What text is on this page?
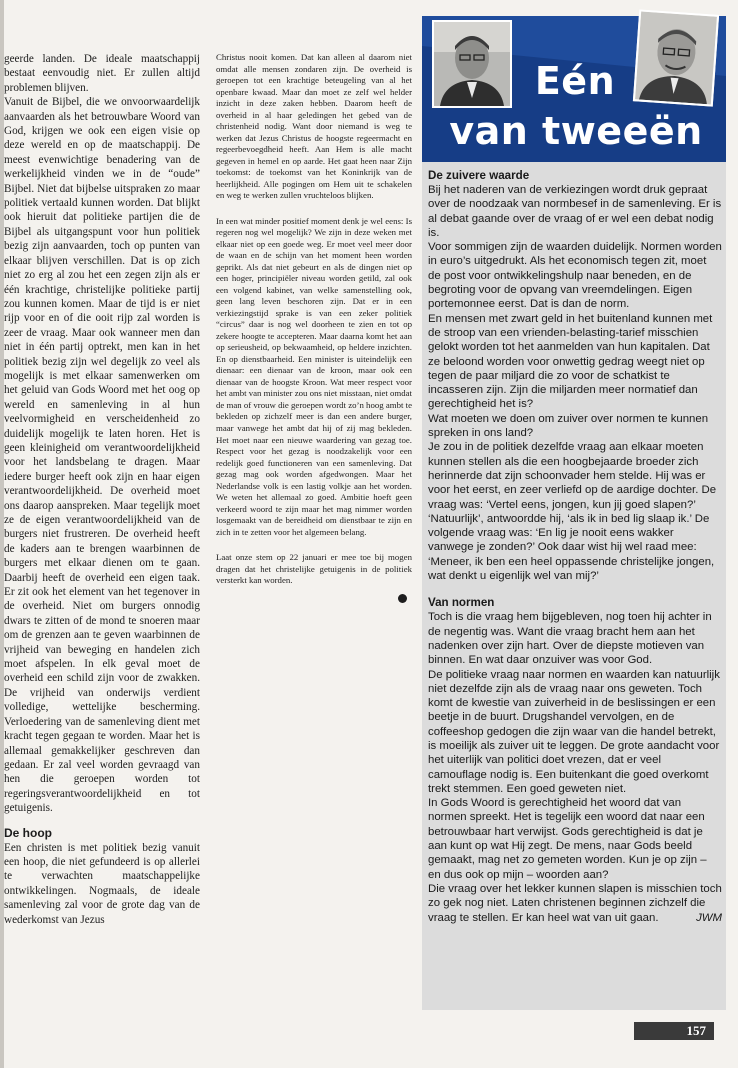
geerde landen. De ideale maatschappij bestaat eenvoudig niet. Er zullen altijd problemen blijven.

Vanuit de Bijbel, die we onvoorwaardelijk aanvaarden als het betrouwbare Woord van God, krijgen we ook een eigen visie op deze wereld en op de maatschappij. De meest evenwichtige benadering van de werkelijkheid vinden we in de “oude” Bijbel. Niet dat bijbelse uitspraken zo maar politiek vertaald kunnen worden. Dat blijkt ook hieruit dat politieke partijen die de Bijbel als uitgangspunt voor hun politiek bezig zijn aanvaarden, toch op punten van elkaar blijven verschillen. Dat is op zich niet zo erg al zou het een zegen zijn als er één krachtige, christelijke politieke partij zou kunnen komen. Maar de tijd is er niet rijp voor en of die ooit rijp zal worden is zeer de vraag. Maar ook wanneer men dan niet in één partij optrekt, men kan in het politiek bezig zijn wel degelijk zo veel als mogelijk is met elkaar samenwerken om het geluid van Gods Woord met het oog op wereld en samenleving in al hun veelvormigheid en verscheidenheid zo duidelijk mogelijk te laten horen. Het is geen kleinigheid om verantwoordelijkheid voor het landsbelang te dragen. Maar iedere burger heeft ook zijn en haar eigen verantwoordelijkheid. De overheid moet ons daarop aanspreken. Maar tegelijk moet ze de eigen verantwoordelijkheid van de burgers niet frustreren. De overheid heeft de kaders aan te brengen waarbinnen de burgers met elkaar dienen om te gaan. Daarbij heeft de overheid een eigen taak. Er zit ook het element van het tegenover in de overheid. Niet om burgers onnodig dwars te zitten of de mond te snoeren maar om de grenzen aan te geven waarbinnen de vrijheid van beweging en handelen zich moet afspelen. In elk geval moet de overheid een schild zijn voor de zwakken. De vrijheid van onderwijs verdient volledige, wettelijke bescherming. Verloedering van de samenleving dient met kracht tegen gegaan te worden. Maar het is allemaal gemakkelijker geschreven dan gedaan. Er zal veel worden gevraagd van hen die geroepen worden tot regeringsverantwoordelijkheid en tot getuigenis.

De hoop

Een christen is met politiek bezig vanuit een hoop, die niet gefundeerd is op allerlei te verwachten maatschappelijke ontwikkelingen. Nogmaals, de ideale samenleving zal voor de grote dag van de wederkomst van Jezus

Christus nooit komen. Dat kan alleen al daarom niet omdat alle mensen zondaren zijn. De overheid is geroepen tot een krachtige beteugeling van al het openbare kwaad. Maar dan moet ze zelf wel helder inzicht in deze zaken hebben. Daarom heeft de overheid in al haar geledingen het gebed van de christenheid nodig. Want door niemand is weg te werken dat Jezus Christus de hoogste regeermacht en regeerbevoegdheid heeft. Aan Hem is alle macht gegeven in hemel en op aarde. Het gaat heen naar Zijn toekomst: de toekomst van het Koninkrijk van de heerlijkheid. Alle pogingen om Hem uit te schakelen en weg te werken zullen vruchteloos blijken.

In een wat minder positief moment denk je wel eens: Is regeren nog wel mogelijk? We zijn in deze weken met elkaar niet op een goede weg. Er moet veel meer door de waan en de schijn van het moment heen worden geprikt. Als dat niet gebeurt en als de dingen niet op een hoger, principiëler niveau worden getild, zal ook een volgend kabinet, van welke samenstelling ook, geen lang leven beschoren zijn. Dat er in een verkiezingstijd sprake is van een zeker politiek “circus” daar is nog wel doorheen te zien en tot op zekere hoogte te accepteren. Maar daarna komt het aan op serieusheid, op bekwaamheid, op heldere inzichten. En op dienstbaarheid. Een minister is uiteindelijk een dienaar: een dienaar van de kroon, maar ook een dienaar van de hoogste Kroon. Wat meer respect voor het ambt van minister zou ons niet misstaan, niet omdat de man of vrouw die geroepen wordt zo’n hoog ambt te bekleden op zichzelf meer is dan een andere burger, maar vanwege het ambt dat hij of zij mag bekleden. Het moet naar een nieuwe waardering van gezag toe. Respect voor het gezag is noodzakelijk voor een redelijk goed functioneren van een samenleving. Dat gezag mag ook worden afgedwongen. Maar het Nederlandse volk is een lastig volkje aan het worden. We weten het allemaal zo goed. Ambitie hoeft geen verkeerd woord te zijn maar het mag nimmer worden losgemaakt van de bereidheid om dienstbaar te zijn en zich in te zetten voor het algemeen belang.

Laat onze stem op 22 januari er mee toe bij mogen dragen dat het christelijke getuigenis in de politiek versterkt kan worden.

Eén
van tweeën
De zuivere waarde

Bij het naderen van de verkiezingen wordt druk gepraat over de noodzaak van normbesef in de samenleving. Er is al debat gaande over de vraag of er wel een debat nodig is.

Voor sommigen zijn de waarden duidelijk. Normen worden in euro’s uitgedrukt. Als het economisch tegen zit, moet de post voor ontwikkelingshulp naar beneden, en de begroting voor de opvang van vreemdelingen. Eigen portemonnee eerst. Dat is dan de norm.

En mensen met zwart geld in het buitenland kunnen met de stroop van een vrienden-belasting-tarief misschien gelokt worden tot het aanmelden van hun kapitalen. Dat ze beloond worden voor onwettig gedrag weegt niet op tegen de paar miljard die zo voor de schatkist te incasseren zijn. Zijn die miljarden meer normatief dan gerechtigheid het is?

Wat moeten we doen om zuiver over normen te kunnen spreken in ons land?

Je zou in de politiek dezelfde vraag aan elkaar moeten kunnen stellen als die een hoogbejaarde broeder zich herinnerde dat zijn schoonvader hem stelde. Hij was er voor het eerst, en zeer verliefd op de aardige dochter. De vraag was: ‘Vertel eens, jongen, kun jij goed slapen?’ ‘Natuurlijk’, antwoordde hij, ‘als ik in bed lig slaap ik.’ De volgende vraag was: ‘En lig je nooit eens wakker vanwege je zonden?’ Ook daar wist hij wel raad mee: ‘Meneer, ik ben een heel oppassende christelijke jongen, wat denkt u eigenlijk wel van mij?’

Van normen

Toch is die vraag hem bijgebleven, nog toen hij achter in de negentig was. Want die vraag bracht hem aan het nadenken over zijn hart. Over de diepste motieven van binnen. En wat daar onzuiver was voor God.

De politieke vraag naar normen en waarden kan natuurlijk niet dezelfde zijn als de vraag naar ons geweten. Toch komt de kwestie van zuiverheid in de beslissingen er een beetje in de buurt. Drugshandel vervolgen, en de coffeeshop gedogen die zijn waar van die handel betrekt, is moeilijk als zuiver uit te leggen. De grote aandacht voor het uiterlijk van politici doet vrezen, dat er veel camouflage nodig is. Een buitenkant die goed overkomt trekt stemmen. Een goed geweten niet.

In Gods Woord is gerechtigheid het woord dat van normen spreekt. Het is tegelijk een woord dat naar een betrouwbaar hart verwijst. Gods gerechtigheid is dat je aan kunt op wat Hij zegt. De mens, naar Gods beeld gemaakt, mag net zo gemeten worden. Kun je op zijn – en dus ook op mijn – woorden aan?

Die vraag over het lekker kunnen slapen is misschien toch zo gek nog niet. Laten christenen beginnen zichzelf die vraag te stellen. Er kan heel wat van uit gaan.	JWM

157
